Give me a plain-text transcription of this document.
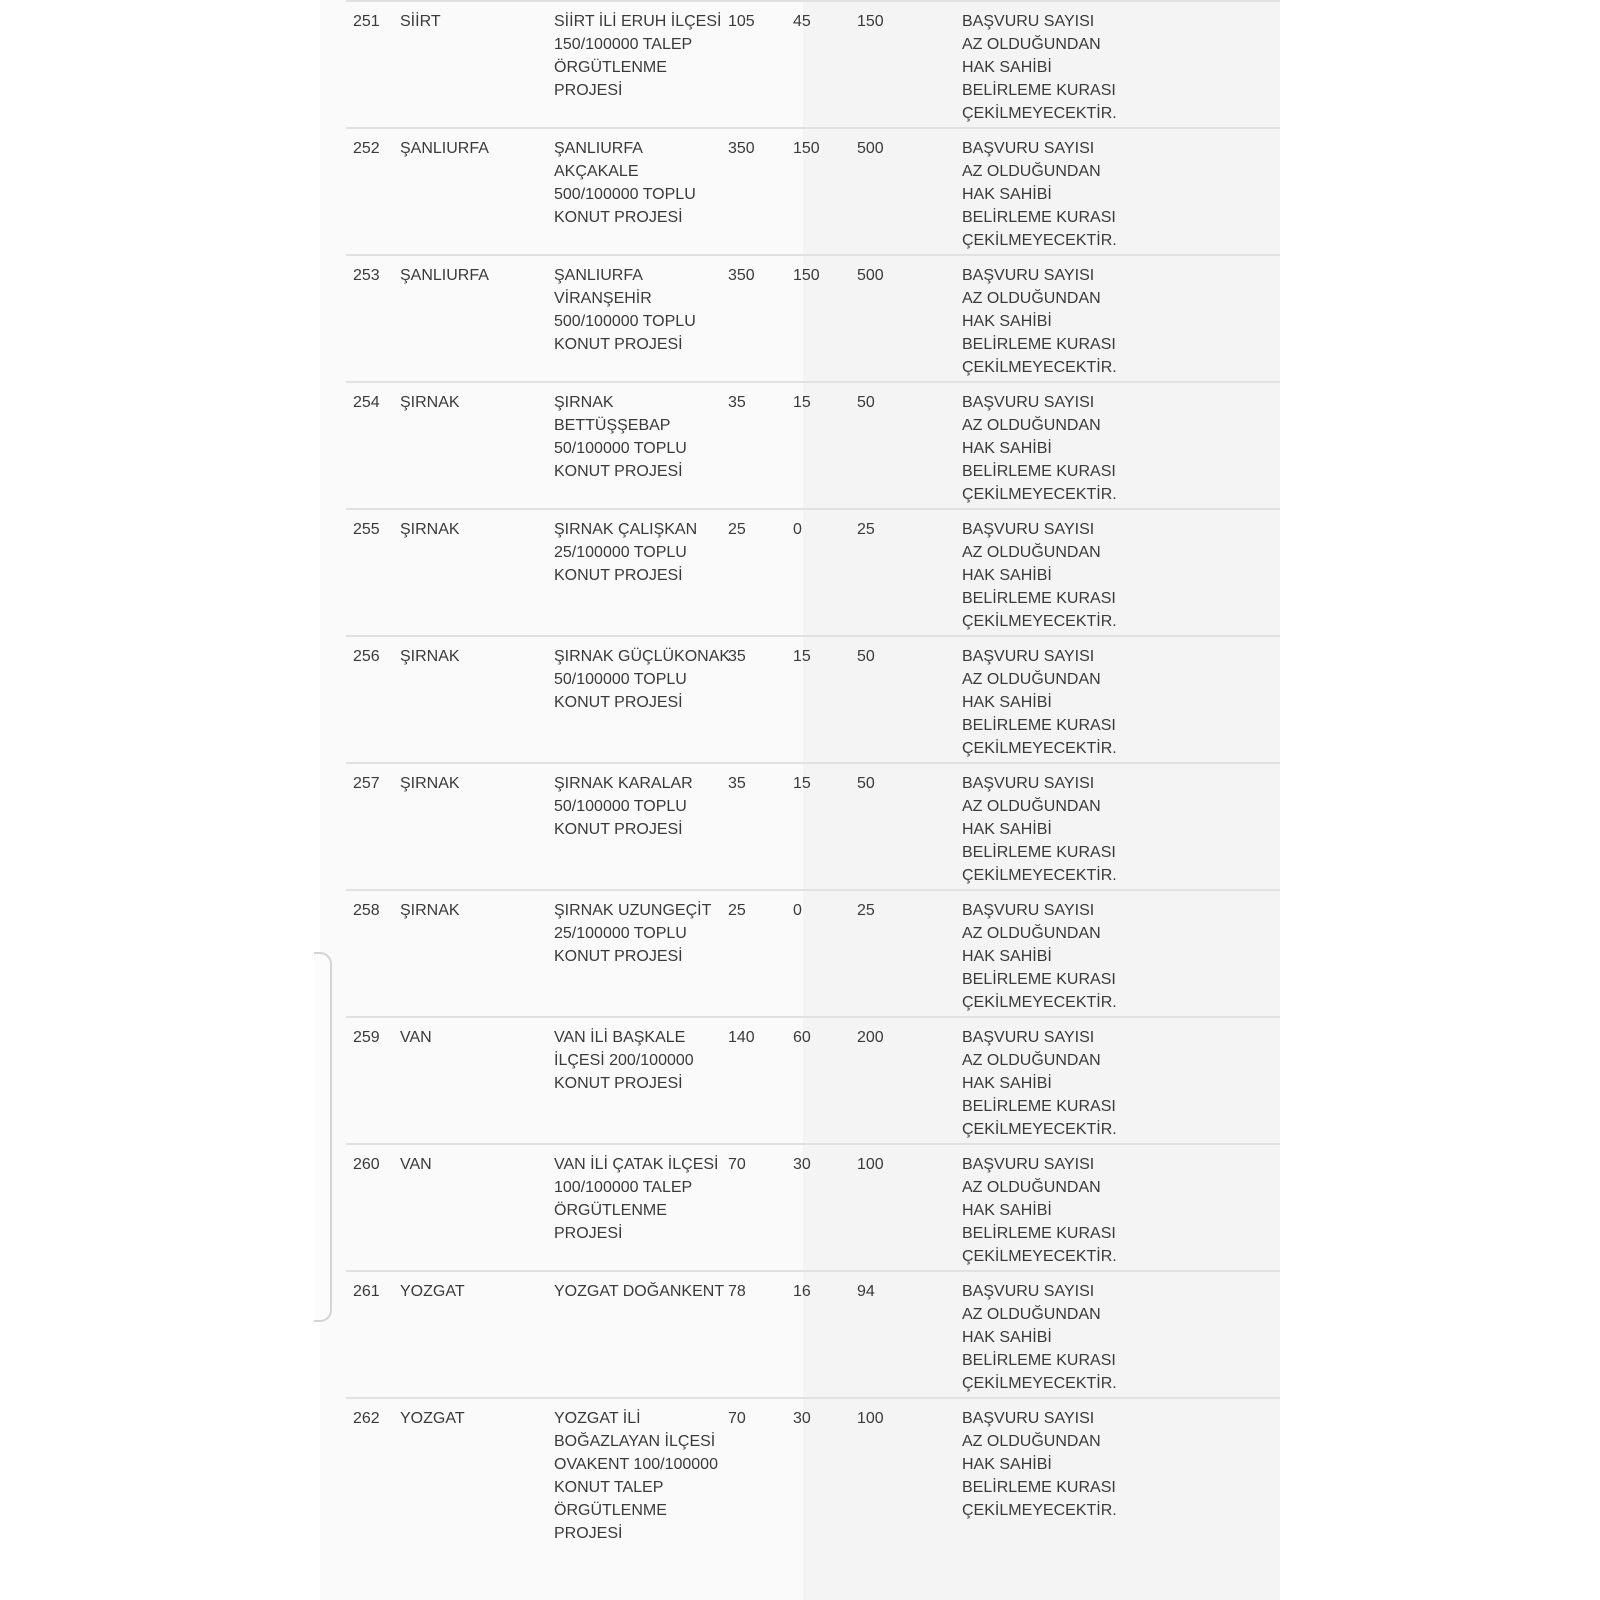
251 SİİRT	SİİRT İLİ ERUH İLÇESİ
150/100000 TALEP
ÖRGÜTLENME
PROJESİ
105 45	150	BAŞVURU SAYISI
AZ OLDUĞUNDAN
HAK SAHİBİ
BELİRLEME KURASI
ÇEKİLMEYECEKTİR.
252 ŞANLIURFA	ŞANLIURFA
AKÇAKALE
500/100000 TOPLU
KONUT PROJESİ
350 150 500	BAŞVURU SAYISI
AZ OLDUĞUNDAN
HAK SAHİBİ
BELİRLEME KURASI
ÇEKİLMEYECEKTİR.
253 ŞANLIURFA	ŞANLIURFA
VİRANŞEHİR
500/100000 TOPLU
KONUT PROJESİ
350 150 500	BAŞVURU SAYISI
AZ OLDUĞUNDAN
HAK SAHİBİ
BELİRLEME KURASI
ÇEKİLMEYECEKTİR.
254 ŞIRNAK	ŞIRNAK
BETTÜŞŞEBAP
50/100000 TOPLU
KONUT PROJESİ
35	15	50	BAŞVURU SAYISI
AZ OLDUĞUNDAN
HAK SAHİBİ
BELİRLEME KURASI
ÇEKİLMEYECEKTİR.
255 ŞIRNAK	ŞIRNAK ÇALIŞKAN
25/100000 TOPLU
KONUT PROJESİ
25	0	25	BAŞVURU SAYISI
AZ OLDUĞUNDAN
HAK SAHİBİ
BELİRLEME KURASI
ÇEKİLMEYECEKTİR.
256 ŞIRNAK	ŞIRNAK GÜÇLÜKONAK
50/100000 TOPLU
KONUT PROJESİ
35	15	50	BAŞVURU SAYISI
AZ OLDUĞUNDAN
HAK SAHİBİ
BELİRLEME KURASI
ÇEKİLMEYECEKTİR.
257 ŞIRNAK	ŞIRNAK KARALAR
50/100000 TOPLU
KONUT PROJESİ
35	15	50	BAŞVURU SAYISI
AZ OLDUĞUNDAN
HAK SAHİBİ
BELİRLEME KURASI
ÇEKİLMEYECEKTİR.
258 ŞIRNAK	ŞIRNAK UZUNGEÇİT
25/100000 TOPLU
KONUT PROJESİ
25	0	25	BAŞVURU SAYISI
AZ OLDUĞUNDAN
HAK SAHİBİ
BELİRLEME KURASI
ÇEKİLMEYECEKTİR.
259 VAN	VAN İLİ BAŞKALE
İLÇESİ 200/100000
KONUT PROJESİ
140 60	200	BAŞVURU SAYISI
AZ OLDUĞUNDAN
HAK SAHİBİ
BELİRLEME KURASI
ÇEKİLMEYECEKTİR.
260 VAN	VAN İLİ ÇATAK İLÇESİ
100/100000 TALEP
ÖRGÜTLENME
PROJESİ
70	30	100	BAŞVURU SAYISI
AZ OLDUĞUNDAN
HAK SAHİBİ
BELİRLEME KURASI
ÇEKİLMEYECEKTİR.
261 YOZGAT	YOZGAT DOĞANKENT 78	16	94	BAŞVURU SAYISI
AZ OLDUĞUNDAN
HAK SAHİBİ
BELİRLEME KURASI
ÇEKİLMEYECEKTİR.
262 YOZGAT	YOZGAT İLİ
BOĞAZLAYAN İLÇESİ
OVAKENT 100/100000
KONUT TALEP
ÖRGÜTLENME
PROJESİ
70	30	100	BAŞVURU SAYISI
AZ OLDUĞUNDAN
HAK SAHİBİ
BELİRLEME KURASI
ÇEKİLMEYECEKTİR.
